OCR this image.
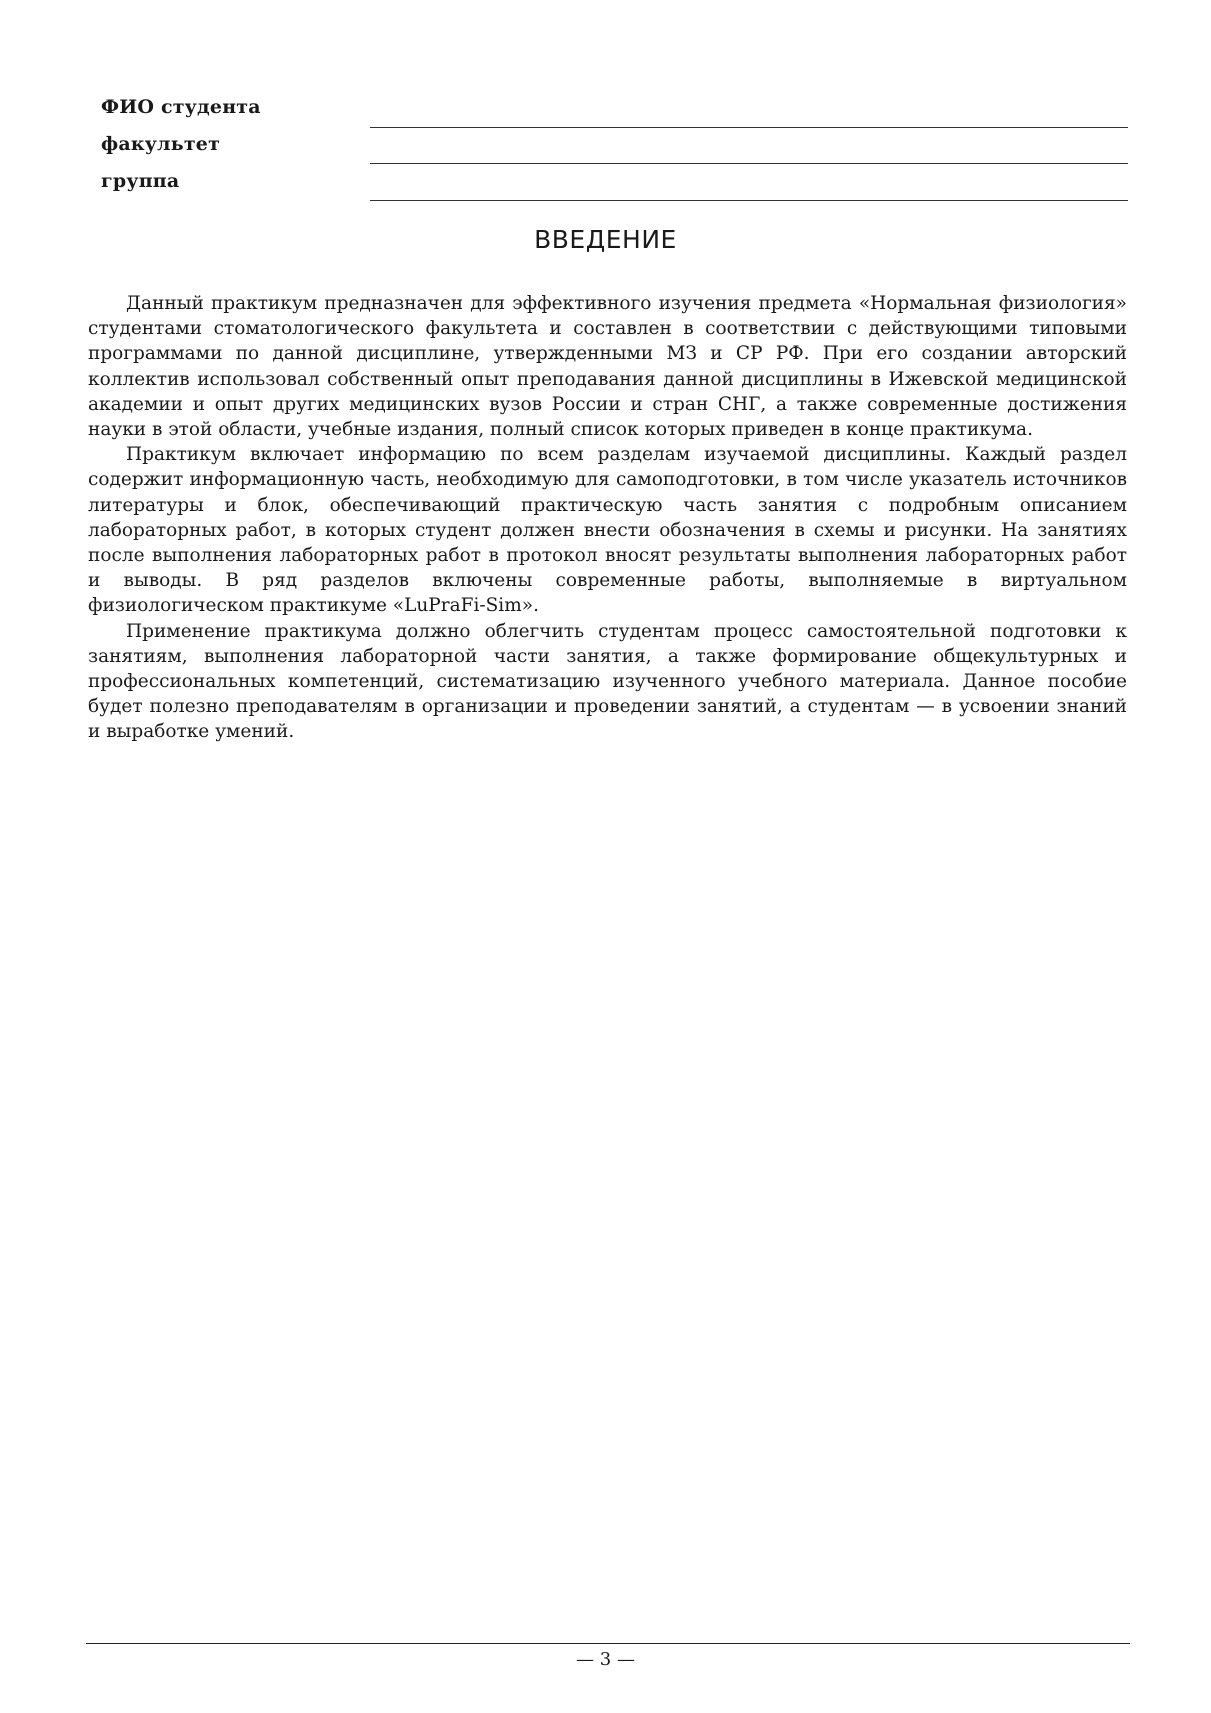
ФИО студента
факультет
группа
ВВЕДЕНИЕ

Данный практикум предназначен для эффективного изучения предмета «Нормальная физиология» студентами стоматологического факультета и составлен в соответствии с действующими типовыми программами по данной дисциплине, утвержденными МЗ и СР РФ. При его создании авторский коллектив использовал собственный опыт преподавания данной дисциплины в Ижевской медицинской академии и опыт других медицинских вузов России и стран СНГ, а также современные достижения науки в этой области, учебные издания, полный список которых приведен в конце практикума.

Практикум включает информацию по всем разделам изучаемой дисциплины. Каждый раздел содержит информационную часть, необходимую для самоподготовки, в том числе указатель источников литературы и блок, обеспечивающий практическую часть занятия с подробным описанием лабораторных работ, в которых студент должен внести обозначения в схемы и рисунки. На занятиях после выполнения лабораторных работ в протокол вносят результаты выполнения лабораторных работ и выводы. В ряд разделов включены современные работы, выполняемые в виртуальном физиологическом практикуме «LuPraFi-Sim».

Применение практикума должно облегчить студентам процесс самостоятельной подготовки к занятиям, выполнения лабораторной части занятия, а также формирование общекультурных и профессиональных компетенций, систематизацию изученного учебного материала. Данное пособие будет полезно преподавателям в организации и проведении занятий, а студентам — в усвоении знаний и выработке умений.

— 3 —
